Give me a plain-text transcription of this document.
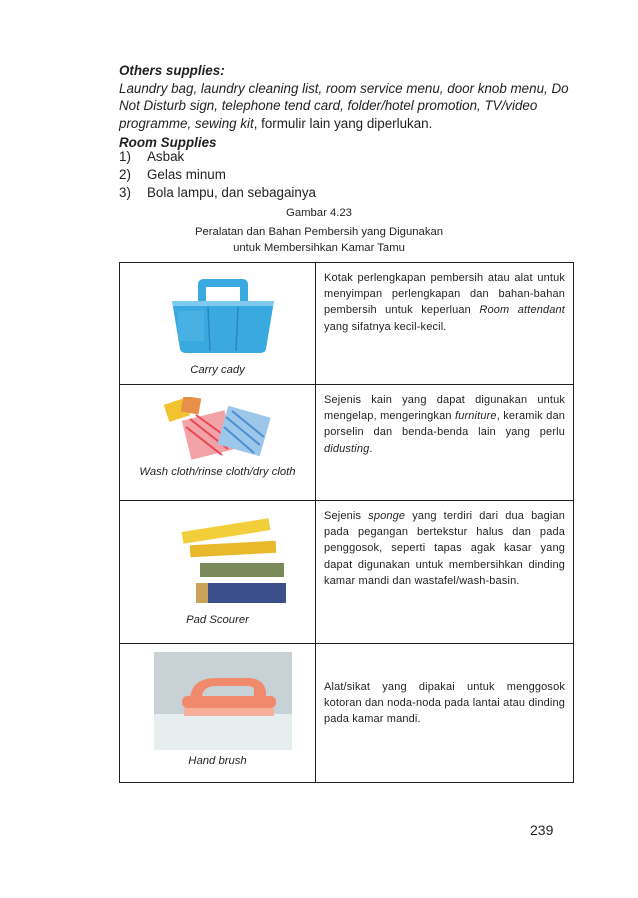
Others supplies:
Laundry bag, laundry cleaning list, room service menu, door knob menu, Do Not Disturb sign, telephone tend card, folder/hotel promotion, TV/video programme, sewing kit, formulir lain yang diperlukan.

Room Supplies

1)	Asbak
2)	Gelas minum
3)	Bola lampu, dan sebagainya
Gambar 4.23
Peralatan dan Bahan Pembersih yang Digunakan
untuk Membersihkan Kamar Tamu
Carry cady	Kotak perlengkapan pembersih atau alat untuk menyimpan perlengkapan dan bahan-bahan pembersih untuk keperluan Room attendant yang sifatnya kecil-kecil.

Wash cloth/rinse cloth/dry cloth	Sejenis kain yang dapat digunakan untuk mengelap, mengeringkan furniture, keramik dan porselin dan benda-benda lain yang perlu didusting.

Pad Scourer	Sejenis sponge yang terdiri dari dua bagian pada pegangan bertekstur halus dan pada penggosok, seperti tapas agak kasar yang dapat digunakan untuk membersihkan dinding kamar mandi dan wastafel/wash-basin.

Hand brush	Alat/sikat yang dipakai untuk menggosok kotoran dan noda-noda pada lantai atau dinding pada kamar mandi.
239
